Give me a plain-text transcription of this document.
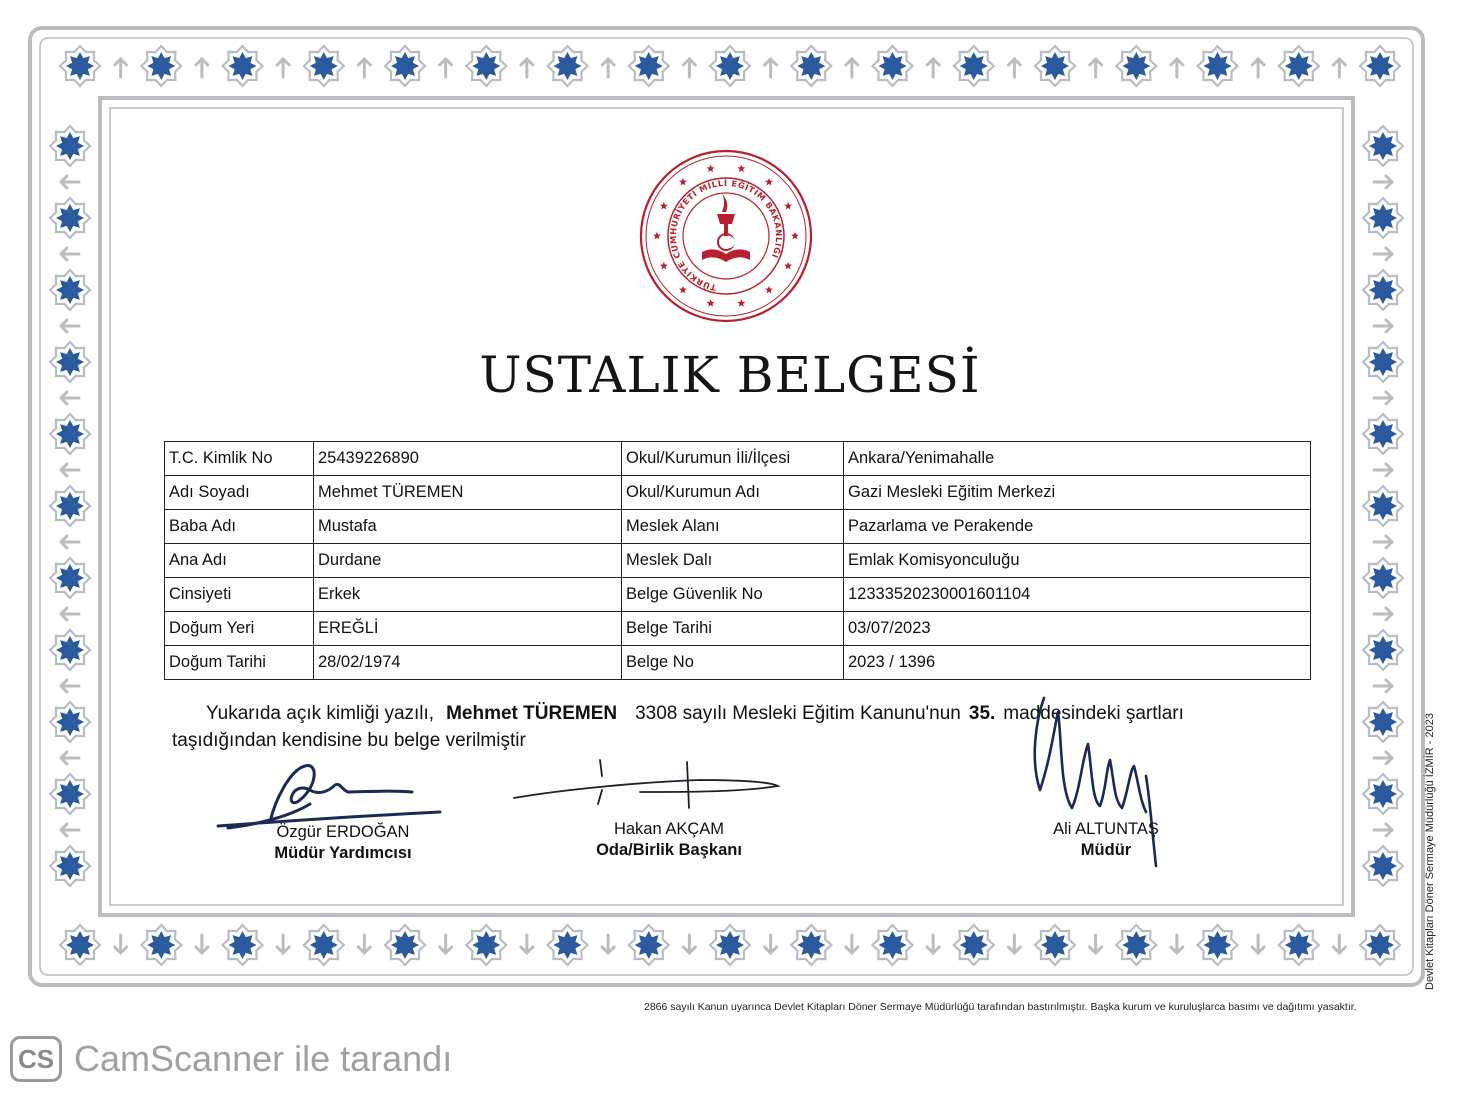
TÜRKİYE CUMHURİYETİ MİLLİ EĞİTİM BAKANLIĞI
USTALIK BELGESİ
T.C. Kimlik No	25439226890	Okul/Kurumun İli/İlçesi	Ankara/Yenimahalle
Adı Soyadı	Mehmet TÜREMEN	Okul/Kurumun Adı	Gazi Mesleki Eğitim Merkezi
Baba Adı	Mustafa	Meslek Alanı	Pazarlama ve Perakende
Ana Adı	Durdane	Meslek Dalı	Emlak Komisyonculuğu
Cinsiyeti	Erkek	Belge Güvenlik No	12333520230001601104
Doğum Yeri	EREĞLİ	Belge Tarihi	03/07/2023
Doğum Tarihi	28/02/1974	Belge No	2023 / 1396
Yukarıda açık kimliği yazılı, Mehmet TÜREMEN 3308 sayılı Mesleki Eğitim Kanunu'nun 35. maddesindeki şartları
taşıdığından kendisine bu belge verilmiştir
Özgür ERDOĞAN
Müdür Yardımcısı
Hakan AKÇAM
Oda/Birlik Başkanı
Ali ALTUNTAŞ
Müdür	Devlet Kitapları Döner Sermaye Müdürlüğü İZMİR - 2023
2866 sayılı Kanun uyarınca Devlet Kitapları Döner Sermaye Müdürlüğü tarafından bastırılmıştır. Başka kurum ve kuruluşlarca basımı ve dağıtımı yasaktır.
CS CamScanner ile tarandı
